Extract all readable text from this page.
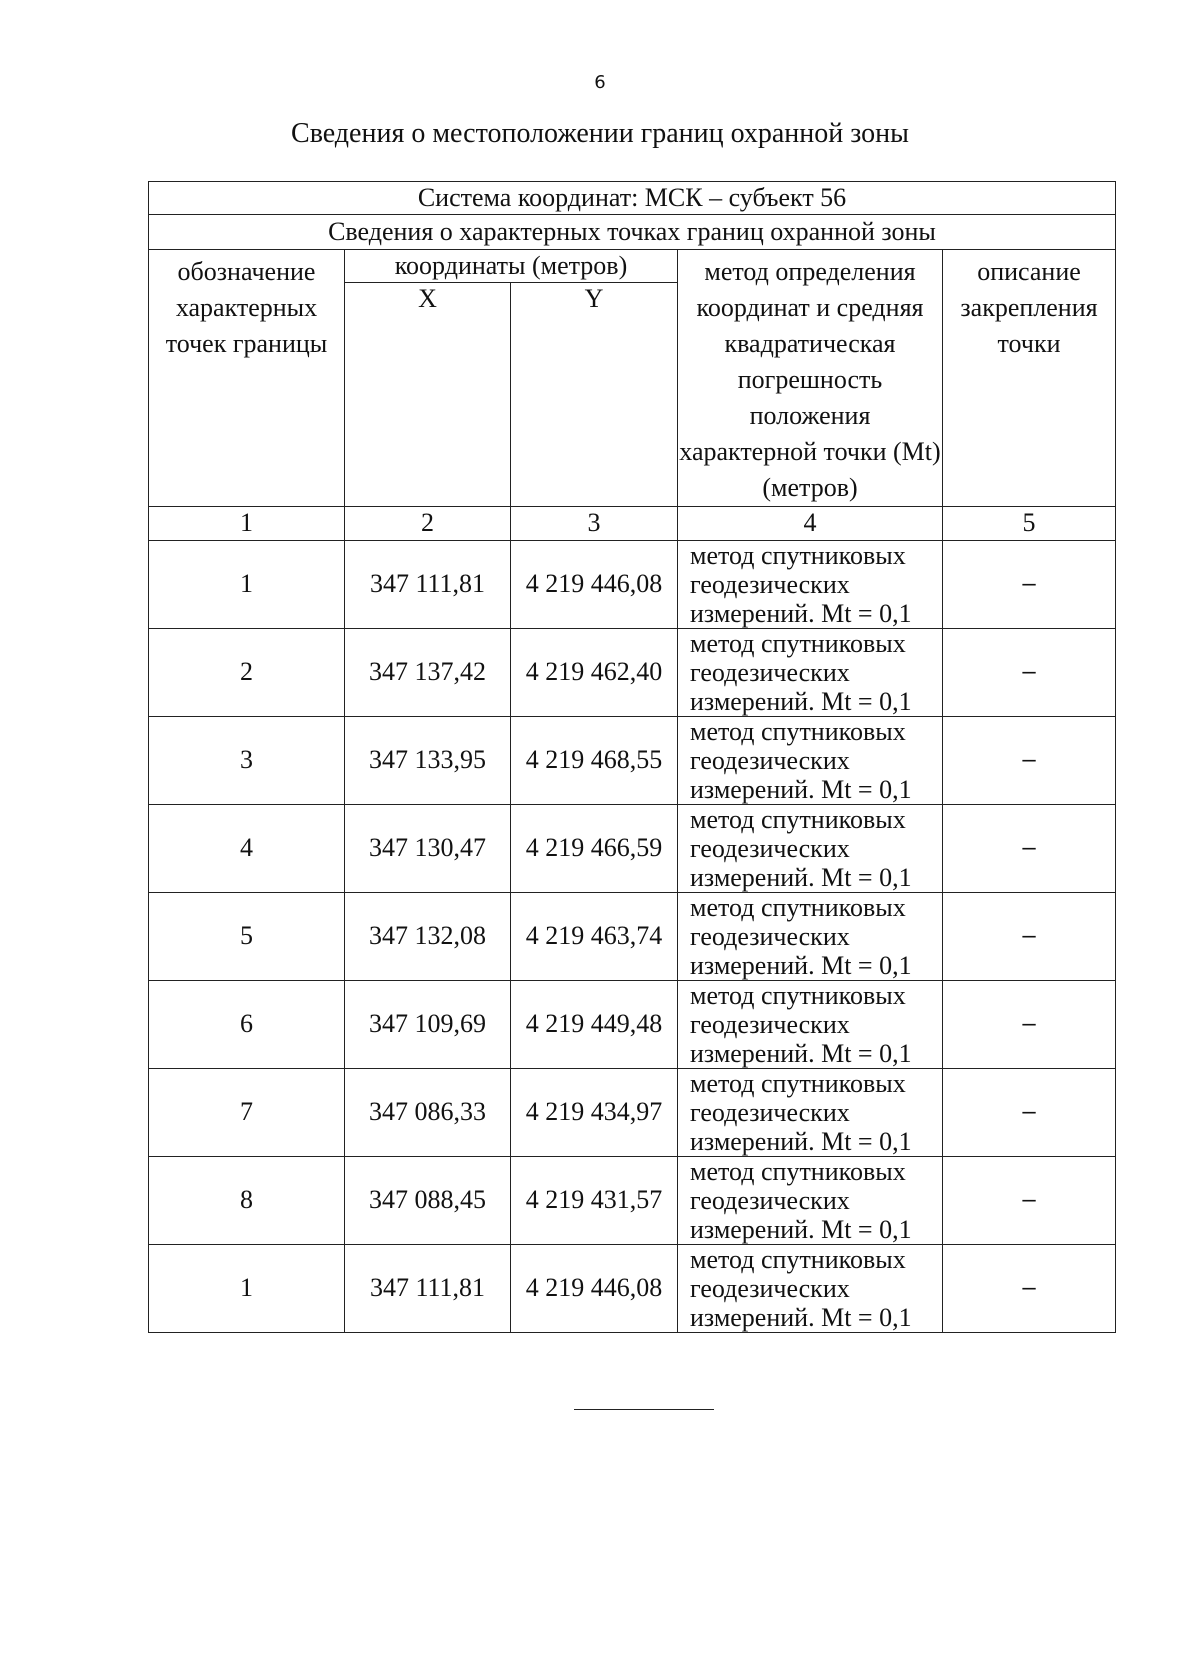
6
Сведения о местоположении границ охранной зоны
Система координат: МСК – субъект 56				
Сведения о характерных точках границ охранной зоны				
обозначение характерных точек границы	координаты (метров)		метод определения координат и средняя квадратическая погрешность положения характерной точки (Mt) (метров)	описание закрепления точки
	X	Y		
1	2	3	4	5
1	347 111,81	4 219 446,08	метод спутниковых геодезических измерений. Mt = 0,1	–
2	347 137,42	4 219 462,40	метод спутниковых геодезических измерений. Mt = 0,1	–
3	347 133,95	4 219 468,55	метод спутниковых геодезических измерений. Mt = 0,1	–
4	347 130,47	4 219 466,59	метод спутниковых геодезических измерений. Mt = 0,1	–
5	347 132,08	4 219 463,74	метод спутниковых геодезических измерений. Mt = 0,1	–
6	347 109,69	4 219 449,48	метод спутниковых геодезических измерений. Mt = 0,1	–
7	347 086,33	4 219 434,97	метод спутниковых геодезических измерений. Mt = 0,1	–
8	347 088,45	4 219 431,57	метод спутниковых геодезических измерений. Mt = 0,1	–
1	347 111,81	4 219 446,08	метод спутниковых геодезических измерений. Mt = 0,1	–
